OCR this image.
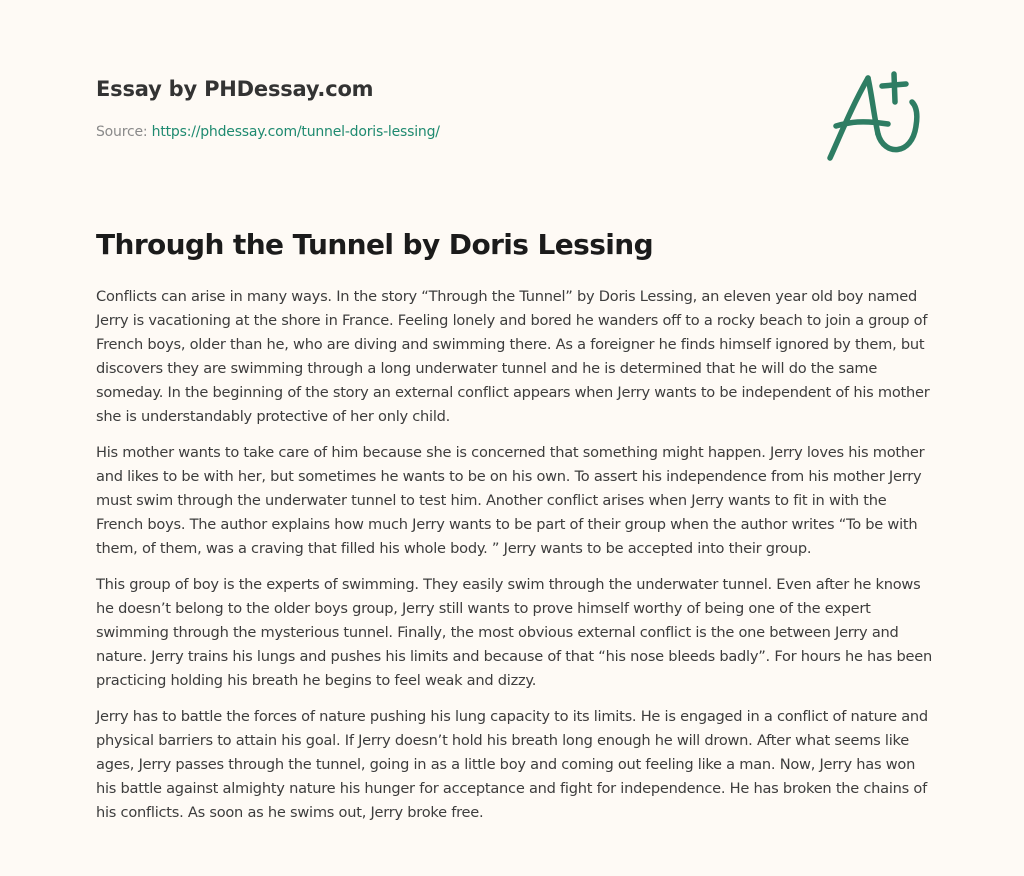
Essay by PHDessay.com
Source: https://phdessay.com/tunnel-doris-lessing/
Through the Tunnel by Doris Lessing

Conflicts can arise in many ways. In the story “Through the Tunnel” by Doris Lessing, an eleven year old boy named Jerry is vacationing at the shore in France. Feeling lonely and bored he wanders off to a rocky beach to join a group of French boys, older than he, who are diving and swimming there. As a foreigner he finds himself ignored by them, but discovers they are swimming through a long underwater tunnel and he is determined that he will do the same someday. In the beginning of the story an external conflict appears when Jerry wants to be independent of his mother she is understandably protective of her only child.

His mother wants to take care of him because she is concerned that something might happen. Jerry loves his mother and likes to be with her, but sometimes he wants to be on his own. To assert his independence from his mother Jerry must swim through the underwater tunnel to test him. Another conflict arises when Jerry wants to fit in with the French boys. The author explains how much Jerry wants to be part of their group when the author writes “To be with them, of them, was a craving that filled his whole body. ” Jerry wants to be accepted into their group.

This group of boy is the experts of swimming. They easily swim through the underwater tunnel. Even after he knows he doesn’t belong to the older boys group, Jerry still wants to prove himself worthy of being one of the expert swimming through the mysterious tunnel. Finally, the most obvious external conflict is the one between Jerry and nature. Jerry trains his lungs and pushes his limits and because of that “his nose bleeds badly”. For hours he has been practicing holding his breath he begins to feel weak and dizzy.

Jerry has to battle the forces of nature pushing his lung capacity to its limits. He is engaged in a conflict of nature and physical barriers to attain his goal. If Jerry doesn’t hold his breath long enough he will drown. After what seems like ages, Jerry passes through the tunnel, going in as a little boy and coming out feeling like a man. Now, Jerry has won his battle against almighty nature his hunger for acceptance and fight for independence. He has broken the chains of his conflicts. As soon as he swims out, Jerry broke free.
